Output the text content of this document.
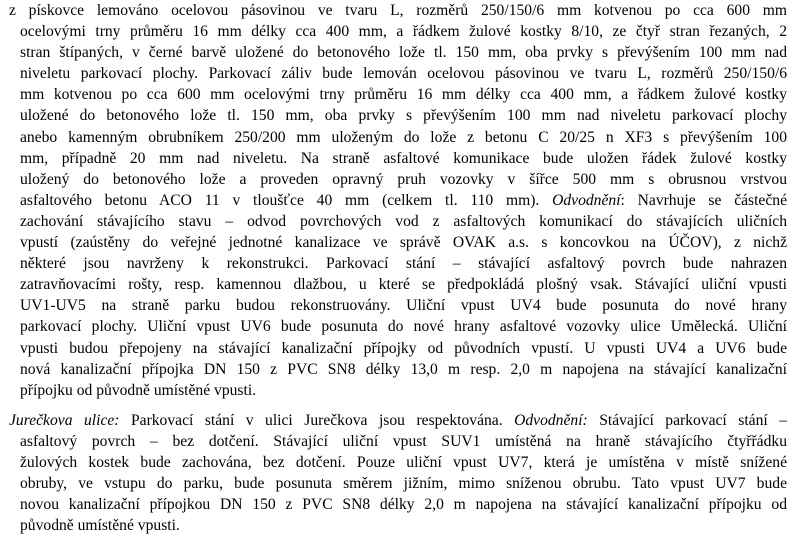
z pískovce lemováno ocelovou pásovinou ve tvaru L, rozměrů 250/150/6 mm kotvenou po cca 600 mm
ocelovými trny průměru 16 mm délky cca 400 mm, a řádkem žulové kostky 8/10, ze čtyř stran řezaných, 2
stran štípaných, v černé barvě uložené do betonového lože tl. 150 mm, oba prvky s převýšením 100 mm nad
niveletu parkovací plochy. Parkovací záliv bude lemován ocelovou pásovinou ve tvaru L, rozměrů 250/150/6
mm kotvenou po cca 600 mm ocelovými trny průměru 16 mm délky cca 400 mm, a řádkem žulové kostky
uložené do betonového lože tl. 150 mm, oba prvky s převýšením 100 mm nad niveletu parkovací plochy
anebo kamenným obrubníkem 250/200 mm uloženým do lože z betonu C 20/25 n XF3 s převýšením 100
mm, případně 20 mm nad niveletu. Na straně asfaltové komunikace bude uložen řádek žulové kostky
uložený do betonového lože a proveden opravný pruh vozovky v šířce 500 mm s obrusnou vrstvou
asfaltového betonu ACO 11 v tloušťce 40 mm (celkem tl. 110 mm). Odvodnění: Navrhuje se částečné
zachování stávajícího stavu – odvod povrchových vod z asfaltových komunikací do stávajících uličních
vpustí (zaústěny do veřejné jednotné kanalizace ve správě OVAK a.s. s koncovkou na ÚČOV), z nichž
některé jsou navrženy k rekonstrukci. Parkovací stání – stávající asfaltový povrch bude nahrazen
zatravňovacími rošty, resp. kamennou dlažbou, u které se předpokládá plošný vsak. Stávající uliční vpusti
UV1-UV5 na straně parku budou rekonstruovány. Uliční vpust UV4 bude posunuta do nové hrany
parkovací plochy. Uliční vpust UV6 bude posunuta do nové hrany asfaltové vozovky ulice Umělecká. Uliční
vpusti budou přepojeny na stávající kanalizační přípojky od původních vpustí. U vpusti UV4 a UV6 bude
nová kanalizační přípojka DN 150 z PVC SN8 délky 13,0 m resp. 2,0 m napojena na stávající kanalizační
přípojku od původně umístěné vpusti.
Jurečkova ulice: Parkovací stání v ulici Jurečkova jsou respektována. Odvodnění: Stávající parkovací stání –
asfaltový povrch – bez dotčení. Stávající uliční vpust SUV1 umístěná na hraně stávajícího čtyřřádku
žulových kostek bude zachována, bez dotčení. Pouze uliční vpust UV7, která je umístěna v místě snížené
obruby, ve vstupu do parku, bude posunuta směrem jižním, mimo sníženou obrubu. Tato vpust UV7 bude
novou kanalizační přípojkou DN 150 z PVC SN8 délky 2,0 m napojena na stávající kanalizační přípojku od
původně umístěné vpusti.
